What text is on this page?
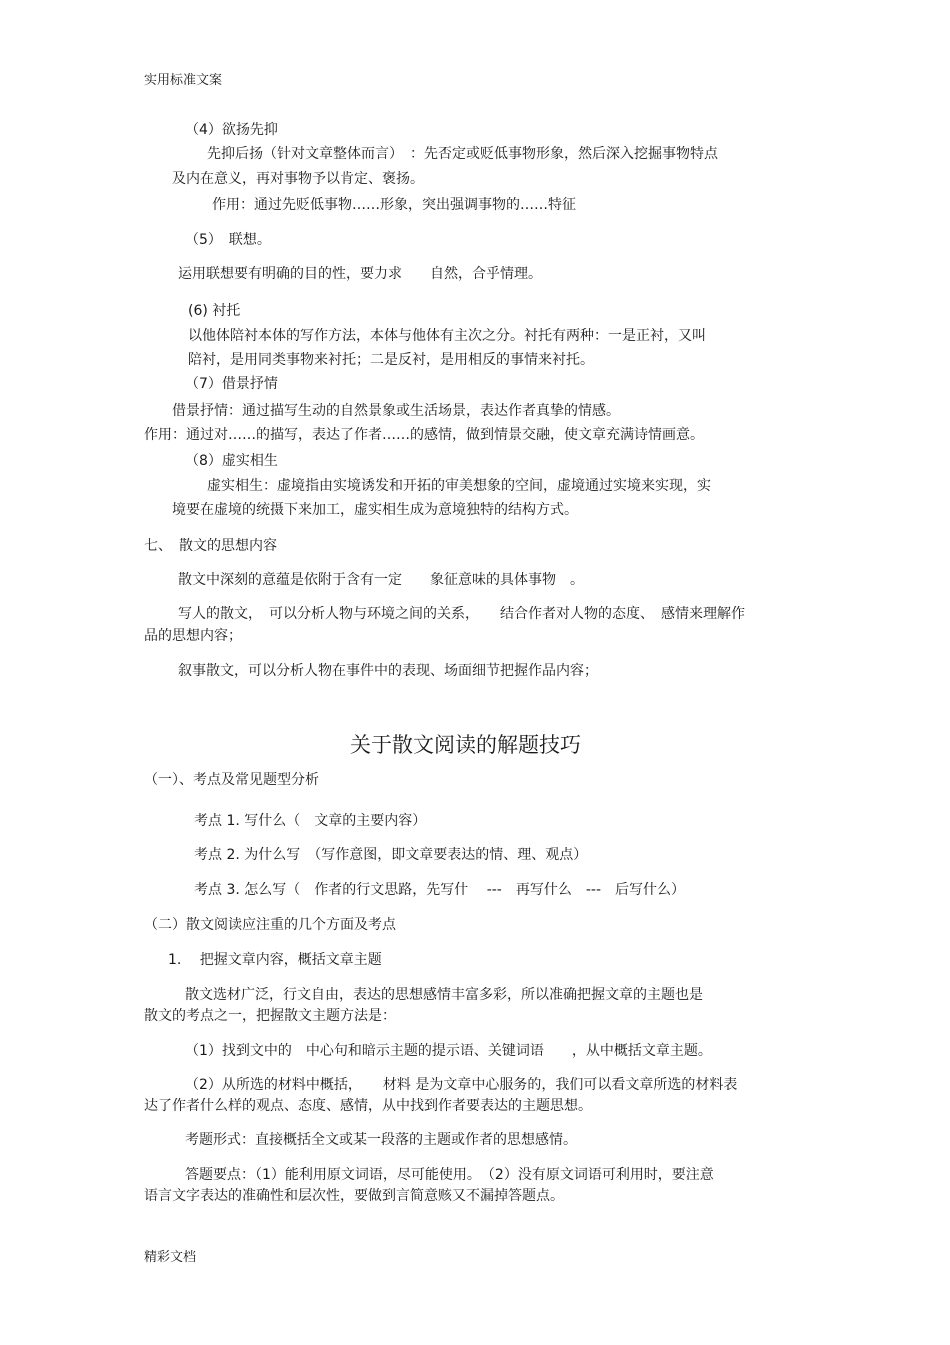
实用标准文案
（4）欲扬先抑
先抑后扬（针对文章整体而言）　：先否定或贬低事物形象，然后深入挖掘事物特点
及内在意义，再对事物予以肯定、褒扬。
作用：通过先贬低事物……形象，突出强调事物的……特征
（5）　联想。
运用联想要有明确的目的性，要力求　　自然，合乎情理。
(6) 衬托
以他体陪衬本体的写作方法，本体与他体有主次之分。衬托有两种：一是正衬，又叫
陪衬，是用同类事物来衬托；二是反衬，是用相反的事情来衬托。
（7）借景抒情
借景抒情：通过描写生动的自然景象或生活场景，表达作者真挚的情感。
作用：通过对……的描写，表达了作者……的感情，做到情景交融，使文章充满诗情画意。
（8）虚实相生
虚实相生：虚境指由实境诱发和开拓的审美想象的空间，虚境通过实境来实现，实
境要在虚境的统摄下来加工，虚实相生成为意境独特的结构方式。
七、　散文的思想内容
散文中深刻的意蕴是依附于含有一定　　象征意味的具体事物　。
写人的散文，　可以分析人物与环境之间的关系，　　结合作者对人物的态度、　感情来理解作
品的思想内容；
叙事散文，可以分析人物在事件中的表现、场面细节把握作品内容；
关于散文阅读的解题技巧
（一）、考点及常见题型分析
考点 1. 写什么（　文章的主要内容）
考点 2. 为什么写　（写作意图，即文章要表达的情、理、观点）
考点 3. 怎么写（　作者的行文思路，先写什　 ---　再写什么　---　后写什么）
（二）散文阅读应注重的几个方面及考点
1.　 把握文章内容，概括文章主题
散文选材广泛，行文自由，表达的思想感情丰富多彩，所以准确把握文章的主题也是
散文的考点之一，把握散文主题方法是：
（1）找到文中的　中心句和暗示主题的提示语、关键词语　　，从中概括文章主题。
（2）从所选的材料中概括，　　材料 是为文章中心服务的，我们可以看文章所选的材料表
达了作者什么样的观点、态度、感情，从中找到作者要表达的主题思想。
考题形式：直接概括全文或某一段落的主题或作者的思想感情。
答题要点：（1）能利用原文词语，尽可能使用。　（2）没有原文词语可利用时，要注意
语言文字表达的准确性和层次性，要做到言简意赅又不漏掉答题点。
精彩文档
